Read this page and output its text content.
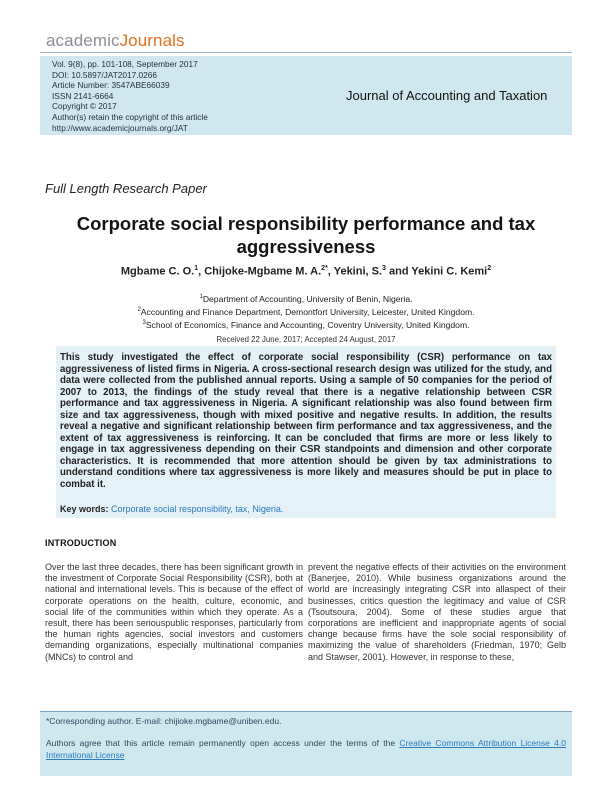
academicJournals
Vol. 9(8), pp. 101-108, September 2017
DOI: 10.5897/JAT2017.0266
Article Number: 3547ABE66039
ISSN 2141-6664
Copyright © 2017
Author(s) retain the copyright of this article
http://www.academicjournals.org/JAT
Journal of Accounting and Taxation
Full Length Research Paper
Corporate social responsibility performance and tax aggressiveness
Mgbame C. O.$^1$, Chijoke-Mgbame M. A.$^{2*}$, Yekini, S.$^3$ and Yekini C. Kemi$^2$
$^1$Department of Accounting, University of Benin, Nigeria.
$^2$Accounting and Finance Department, Demontfort University, Leicester, United Kingdom.
$^3$School of Economics, Finance and Accounting, Coventry University, United Kingdom.
Received 22 June, 2017; Accepted 24 August, 2017
This study investigated the effect of corporate social responsibility (CSR) performance on tax aggressiveness of listed firms in Nigeria. A cross-sectional research design was utilized for the study, and data were collected from the published annual reports. Using a sample of 50 companies for the period of 2007 to 2013, the findings of the study reveal that there is a negative relationship between CSR performance and tax aggressiveness in Nigeria. A significant relationship was also found between firm size and tax aggressiveness, though with mixed positive and negative results. In addition, the results reveal a negative and significant relationship between firm performance and tax aggressiveness, and the extent of tax aggressiveness is reinforcing. It can be concluded that firms are more or less likely to engage in tax aggressiveness depending on their CSR standpoints and dimension and other corporate characteristics. It is recommended that more attention should be given by tax administrations to understand conditions where tax aggressiveness is more likely and measures should be put in place to combat it.
Key words: Corporate social responsibility, tax, Nigeria.
INTRODUCTION
Over the last three decades, there has been significant growth in the investment of Corporate Social Responsibility (CSR), both at national and international levels. This is because of the effect of corporate operations on the health, culture, economic, and social life of the communities within which they operate. As a result, there has been seriouspublic responses, particularly from the human rights agencies, social investors and customers demanding organizations, especially multinational companies (MNCs) to control and
prevent the negative effects of their activities on the environment (Banerjee, 2010). While business organizations around the world are increasingly integrating CSR into allaspect of their businesses, critics question the legitimacy and value of CSR (Tsoutsoura, 2004). Some of these studies argue that corporations are inefficient and inappropriate agents of social change because firms have the sole social responsibility of maximizing the value of shareholders (Friedman, 1970; Gelb and Stawser, 2001). However, in response to these,
*Corresponding author. E-mail: chijioke.mgbame@uniben.edu.
Authors agree that this article remain permanently open access under the terms of the Creative Commons Attribution License 4.0 International License
